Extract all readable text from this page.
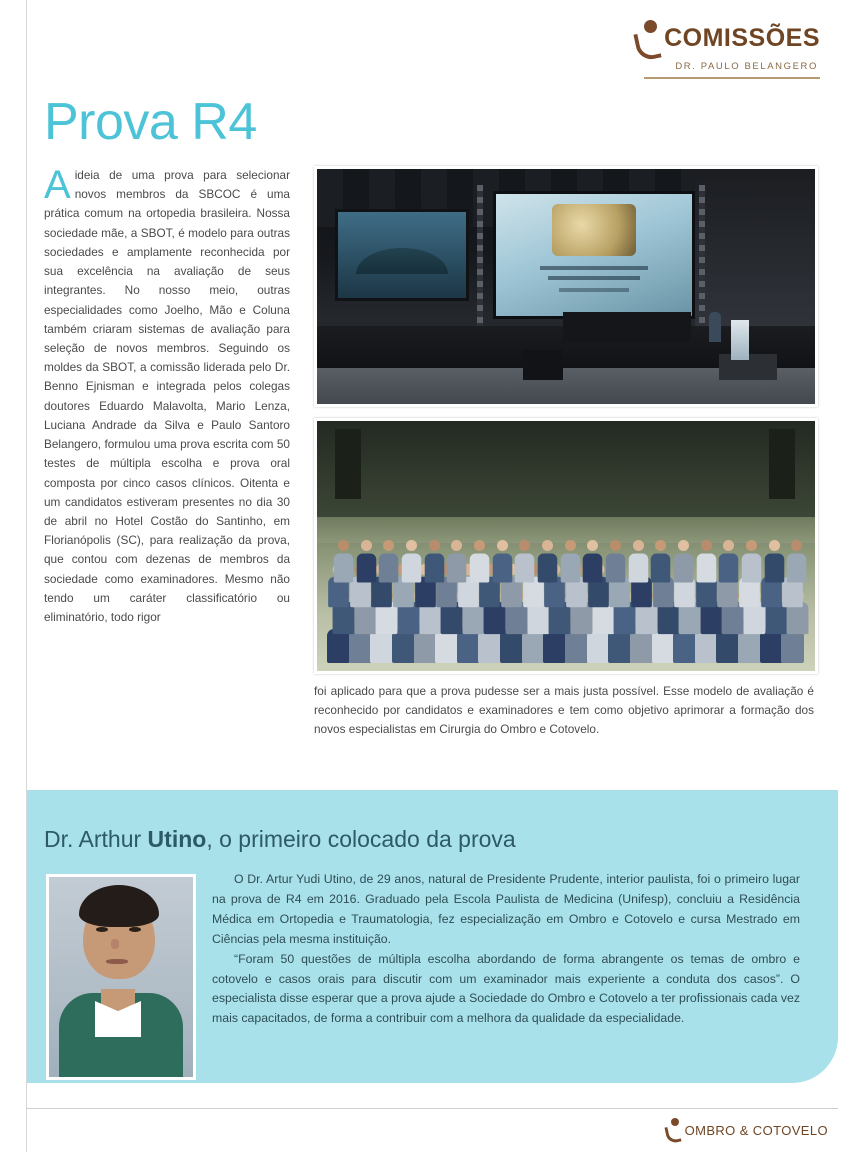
COMISSÕES
DR. PAULO BELANGERO
Prova R4
Aideia de uma prova para selecionar novos membros da SBCOC é uma prática comum na ortopedia brasileira. Nossa sociedade mãe, a SBOT, é modelo para outras sociedades e amplamente reconhecida por sua excelência na avaliação de seus integrantes. No nosso meio, outras especialidades como Joelho, Mão e Coluna também criaram sistemas de avaliação para seleção de novos membros. Seguindo os moldes da SBOT, a comissão liderada pelo Dr. Benno Ejnisman e integrada pelos colegas doutores Eduardo Malavolta, Mario Lenza, Luciana Andrade da Silva e Paulo Santoro Belangero, formulou uma prova escrita com 50 testes de múltipla escolha e prova oral composta por cinco casos clínicos. Oitenta e um candidatos estiveram presentes no dia 30 de abril no Hotel Costão do Santinho, em Florianópolis (SC), para realização da prova, que contou com dezenas de membros da sociedade como examinadores. Mesmo não tendo um caráter classificatório ou eliminatório, todo rigor
foi aplicado para que a prova pudesse ser a mais justa possível. Esse modelo de avaliação é reconhecido por candidatos e examinadores e tem como objetivo aprimorar a formação dos novos especialistas em Cirurgia do Ombro e Cotovelo.
Dr. Arthur Utino, o primeiro colocado da prova

O Dr. Artur Yudi Utino, de 29 anos, natural de Presidente Prudente, interior paulista, foi o primeiro lugar na prova de R4 em 2016. Graduado pela Escola Paulista de Medicina (Unifesp), concluiu a Residência Médica em Ortopedia e Traumatologia, fez especialização em Ombro e Cotovelo e cursa Mestrado em Ciências pela mesma instituição.

“Foram 50 questões de múltipla escolha abordando de forma abrangente os temas de ombro e cotovelo e casos orais para discutir com um examinador mais experiente a conduta dos casos”. O especialista disse esperar que a prova ajude a Sociedade do Ombro e Cotovelo a ter profissionais cada vez mais capacitados, de forma a contribuir com a melhora da qualidade da especialidade.

OMBRO & COTOVELO
